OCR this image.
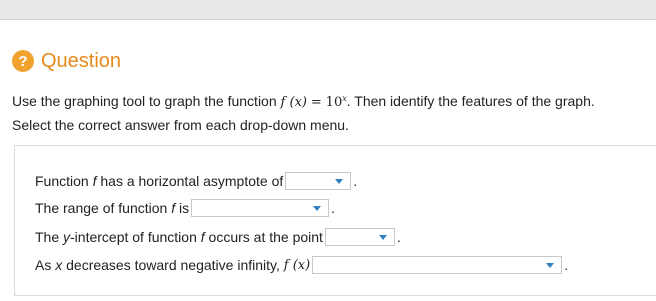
? Question
Use the graphing tool to graph the function f $(x) = 10^x$. Then identify the features of the graph.
Select the correct answer from each drop-down menu.
Function
f
has a horizontal asymptote of	.
The range of function
f
is	.
The
y -intercept of function
f
occurs at the point	.
As
x
decreases toward negative infinity,
f (x)	.
